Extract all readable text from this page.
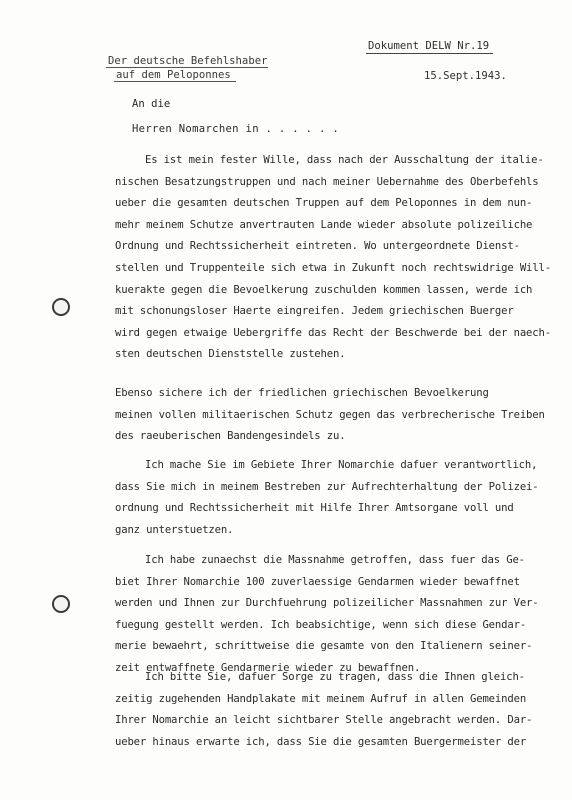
Der deutsche Befehlshaber
auf dem Peloponnes
Dokument DELW Nr.19
15.Sept.1943.
An die
Herren Nomarchen in . . . . . .
Es ist mein fester Wille, dass nach der Ausschaltung der italie-
nischen Besatzungstruppen und nach meiner Uebernahme des Oberbefehls
ueber die gesamten deutschen Truppen auf dem Peloponnes in dem nun-
mehr meinem Schutze anvertrauten Lande wieder absolute polizeiliche
Ordnung und Rechtssicherheit eintreten. Wo untergeordnete Dienst-
stellen und Truppenteile sich etwa in Zukunft noch rechtswidrige Will-
kuerakte gegen die Bevoelkerung zuschulden kommen lassen, werde ich
mit schonungsloser Haerte eingreifen. Jedem griechischen Buerger
wird gegen etwaige Uebergriffe das Recht der Beschwerde bei der naech-
sten deutschen Dienststelle zustehen.
Ebenso sichere ich der friedlichen griechischen Bevoelkerung
meinen vollen militaerischen Schutz gegen das verbrecherische Treiben
des raeuberischen Bandengesindels zu.
Ich mache Sie im Gebiete Ihrer Nomarchie dafuer verantwortlich,
dass Sie mich in meinem Bestreben zur Aufrechterhaltung der Polizei-
ordnung und Rechtssicherheit mit Hilfe Ihrer Amtsorgane voll und
ganz unterstuetzen.
Ich habe zunaechst die Massnahme getroffen, dass fuer das Ge-
biet Ihrer Nomarchie 100 zuverlaessige Gendarmen wieder bewaffnet
werden und Ihnen zur Durchfuehrung polizeilicher Massnahmen zur Ver-
fuegung gestellt werden. Ich beabsichtige, wenn sich diese Gendar-
merie bewaehrt, schrittweise die gesamte von den Italienern seiner-
zeit entwaffnete Gendarmerie wieder zu bewaffnen.
Ich bitte Sie, dafuer Sorge zu tragen, dass die Ihnen gleich-
zeitig zugehenden Handplakate mit meinem Aufruf in allen Gemeinden
Ihrer Nomarchie an leicht sichtbarer Stelle angebracht werden. Dar-
ueber hinaus erwarte ich, dass Sie die gesamten Buergermeister der
